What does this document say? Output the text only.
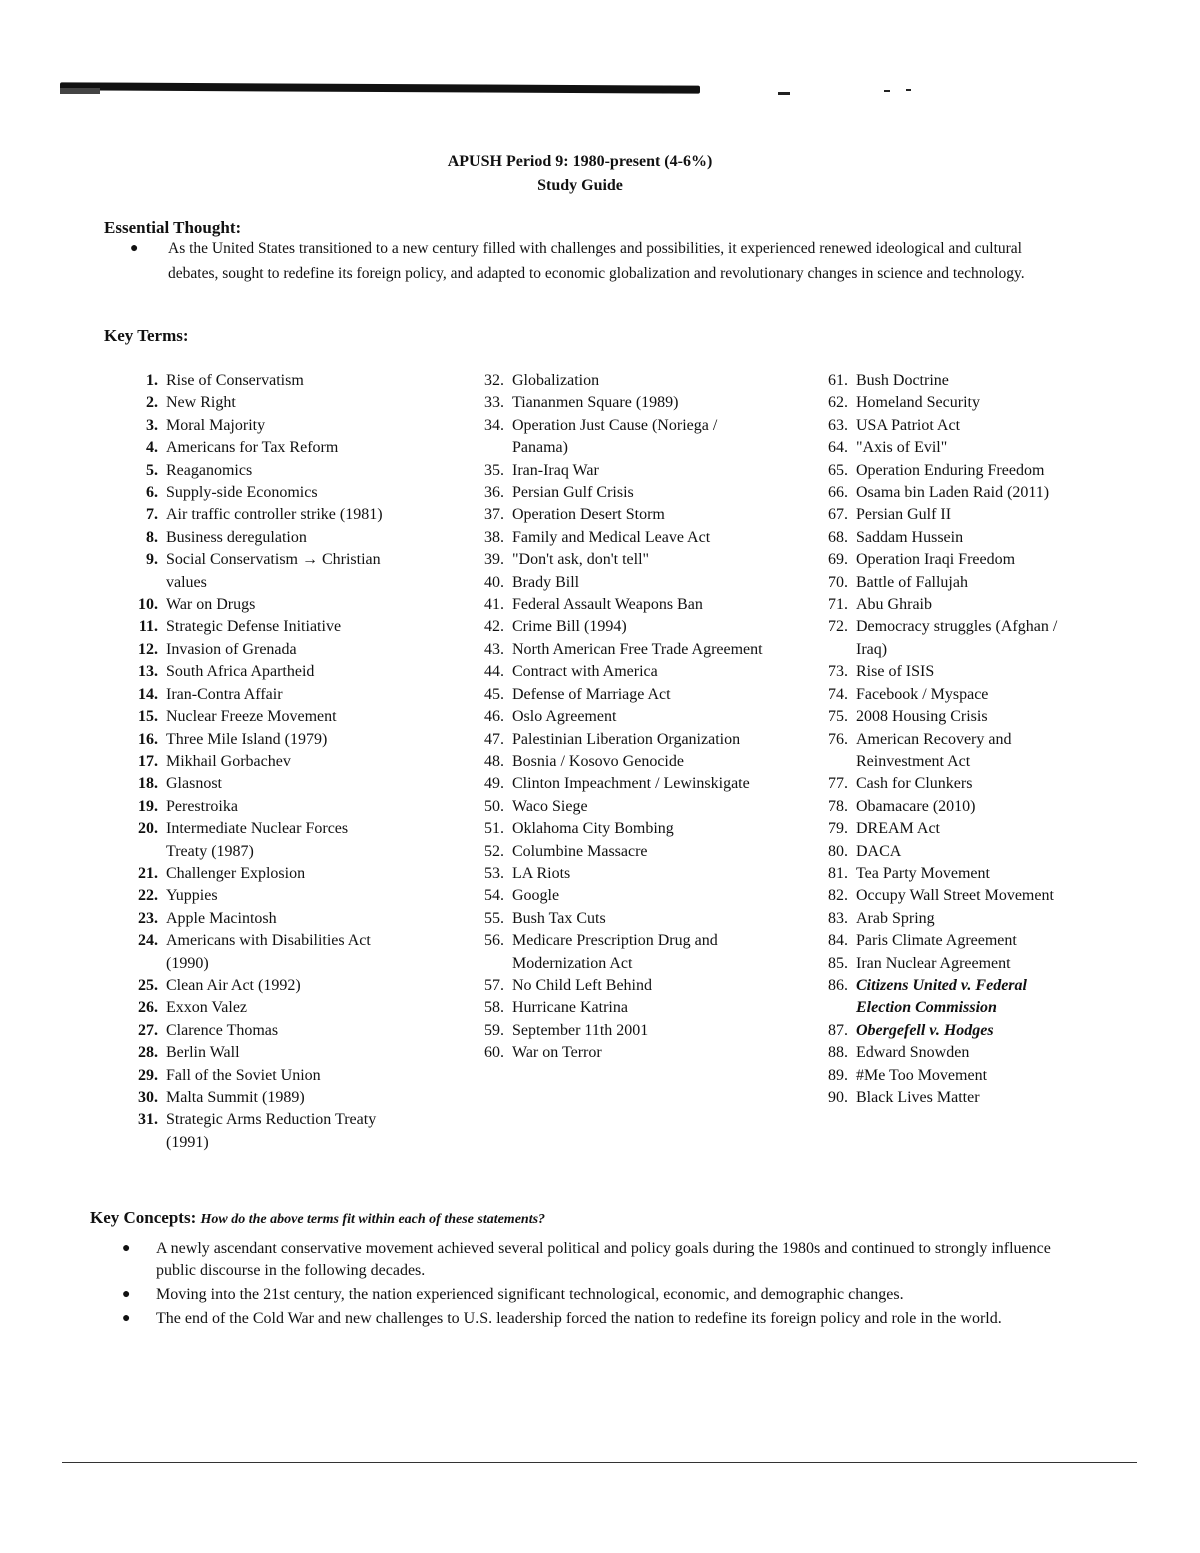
APUSH Period 9: 1980-present (4-6%)
Study Guide
Essential Thought:
● As the United States transitioned to a new century filled with challenges and possibilities, it experienced renewed ideological and cultural debates, sought to redefine its foreign policy, and adapted to economic globalization and revolutionary changes in science and technology.
Key Terms:
1. Rise of Conservatism
2. New Right
3. Moral Majority
4. Americans for Tax Reform
5. Reaganomics
6. Supply-side Economics
7. Air traffic controller strike (1981)
8. Business deregulation
9. Social Conservatism → Christian values
10. War on Drugs
11. Strategic Defense Initiative
12. Invasion of Grenada
13. South Africa Apartheid
14. Iran-Contra Affair
15. Nuclear Freeze Movement
16. Three Mile Island (1979)
17. Mikhail Gorbachev
18. Glasnost
19. Perestroika
20. Intermediate Nuclear Forces Treaty (1987)
21. Challenger Explosion
22. Yuppies
23. Apple Macintosh
24. Americans with Disabilities Act (1990)
25. Clean Air Act (1992)
26. Exxon Valez
27. Clarence Thomas
28. Berlin Wall
29. Fall of the Soviet Union
30. Malta Summit (1989)
31. Strategic Arms Reduction Treaty (1991)
32. Globalization
33. Tiananmen Square (1989)
34. Operation Just Cause (Noriega / Panama)
35. Iran-Iraq War
36. Persian Gulf Crisis
37. Operation Desert Storm
38. Family and Medical Leave Act
39. "Don't ask, don't tell"
40. Brady Bill
41. Federal Assault Weapons Ban
42. Crime Bill (1994)
43. North American Free Trade Agreement
44. Contract with America
45. Defense of Marriage Act
46. Oslo Agreement
47. Palestinian Liberation Organization
48. Bosnia / Kosovo Genocide
49. Clinton Impeachment / Lewinskigate
50. Waco Siege
51. Oklahoma City Bombing
52. Columbine Massacre
53. LA Riots
54. Google
55. Bush Tax Cuts
56. Medicare Prescription Drug and Modernization Act
57. No Child Left Behind
58. Hurricane Katrina
59. September 11th 2001
60. War on Terror
61. Bush Doctrine
62. Homeland Security
63. USA Patriot Act
64. "Axis of Evil"
65. Operation Enduring Freedom
66. Osama bin Laden Raid (2011)
67. Persian Gulf II
68. Saddam Hussein
69. Operation Iraqi Freedom
70. Battle of Fallujah
71. Abu Ghraib
72. Democracy struggles (Afghan / Iraq)
73. Rise of ISIS
74. Facebook / Myspace
75. 2008 Housing Crisis
76. American Recovery and Reinvestment Act
77. Cash for Clunkers
78. Obamacare (2010)
79. DREAM Act
80. DACA
81. Tea Party Movement
82. Occupy Wall Street Movement
83. Arab Spring
84. Paris Climate Agreement
85. Iran Nuclear Agreement
86. Citizens United v. Federal Election Commission
87. Obergefell v. Hodges
88. Edward Snowden
89. #Me Too Movement
90. Black Lives Matter
Key Concepts: How do the above terms fit within each of these statements?
● A newly ascendant conservative movement achieved several political and policy goals during the 1980s and continued to strongly influence public discourse in the following decades.
● Moving into the 21st century, the nation experienced significant technological, economic, and demographic changes.
● The end of the Cold War and new challenges to U.S. leadership forced the nation to redefine its foreign policy and role in the world.
